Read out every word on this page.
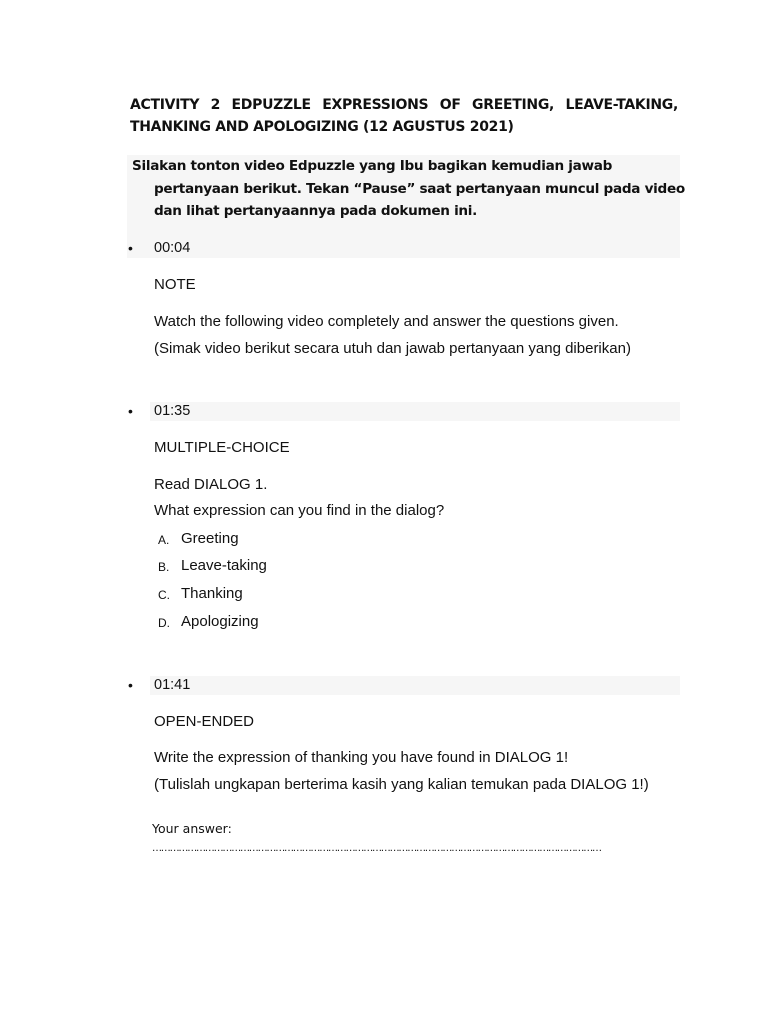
ACTIVITY 2 EDPUZZLE EXPRESSIONS OF GREETING, LEAVE-TAKING, THANKING AND APOLOGIZING (12 AGUSTUS 2021)
Silakan tonton video Edpuzzle yang Ibu bagikan kemudian jawab pertanyaan berikut. Tekan “Pause” saat pertanyaan muncul pada video dan lihat pertanyaannya pada dokumen ini.
• 00:04
NOTE
Watch the following video completely and answer the questions given.
(Simak video berikut secara utuh dan jawab pertanyaan yang diberikan)
• 01:35
MULTIPLE-CHOICE
Read DIALOG 1.
What expression can you find in the dialog?
A. Greeting
B. Leave-taking
C. Thanking
D. Apologizing
• 01:41
OPEN-ENDED
Write the expression of thanking you have found in DIALOG 1!
(Tulislah ungkapan berterima kasih yang kalian temukan pada DIALOG 1!)
Your answer:
………………………………………………………………………………………………………………………………………
